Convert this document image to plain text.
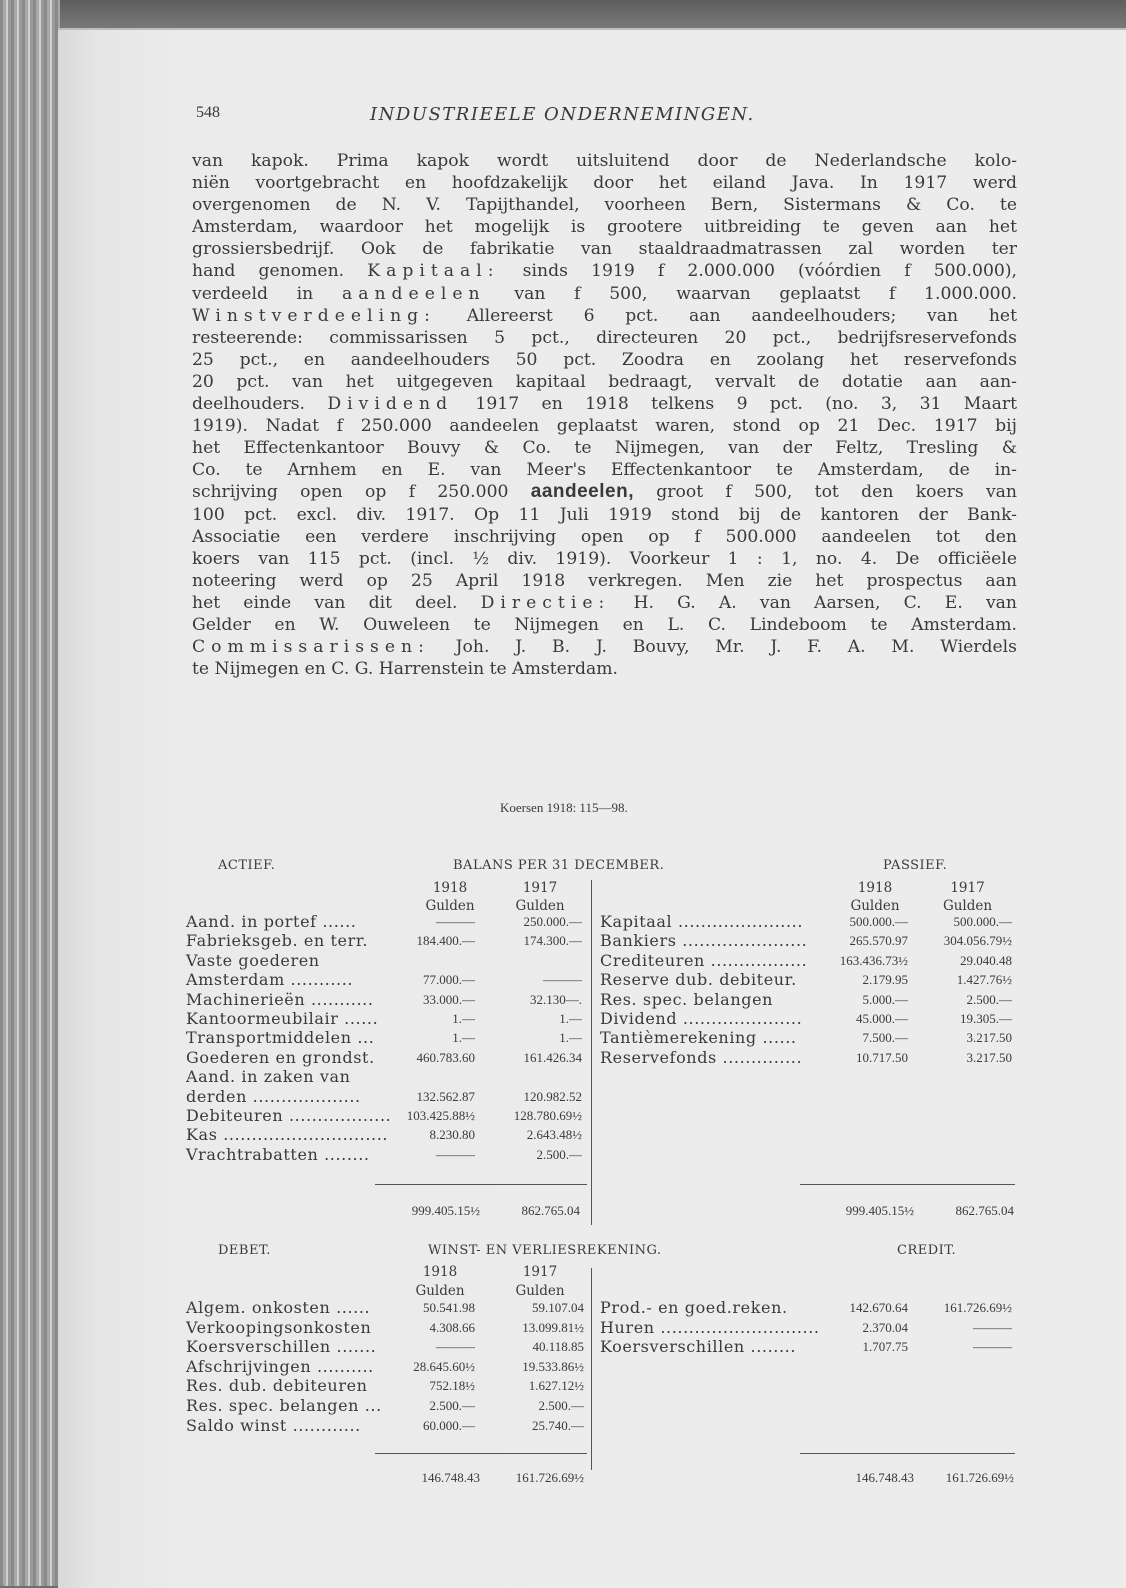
548	INDUSTRIEELE ONDERNEMINGEN.
van kapok. Prima kapok wordt uitsluitend door de Nederlandsche kolo-
niën voortgebracht en hoofdzakelijk door het eiland Java. In 1917 werd
overgenomen de N. V. Tapijthandel, voorheen Bern, Sistermans & Co. te
Amsterdam, waardoor het mogelijk is grootere uitbreiding te geven aan het
grossiersbedrijf. Ook de fabrikatie van staaldraadmatrassen zal worden ter
hand genomen. Kapitaal: sinds 1919 f 2.000.000 (vóórdien f 500.000),
verdeeld in aandeelen van f 500, waarvan geplaatst f 1.000.000.
Winstverdeeling: Allereerst 6 pct. aan aandeelhouders; van het
resteerende: commissarissen 5 pct., directeuren 20 pct., bedrijfsreservefonds
25 pct., en aandeelhouders 50 pct. Zoodra en zoolang het reservefonds
20 pct. van het uitgegeven kapitaal bedraagt, vervalt de dotatie aan aan-
deelhouders. Dividend 1917 en 1918 telkens 9 pct. (no. 3, 31 Maart
1919). Nadat f 250.000 aandeelen geplaatst waren, stond op 21 Dec. 1917 bij
het Effectenkantoor Bouvy & Co. te Nijmegen, van der Feltz, Tresling &
Co. te Arnhem en E. van Meer's Effectenkantoor te Amsterdam, de in-
schrijving open op f 250.000 aandeelen, groot f 500, tot den koers van
100 pct. excl. div. 1917. Op 11 Juli 1919 stond bij de kantoren der Bank-
Associatie een verdere inschrijving open op f 500.000 aandeelen tot den
koers van 115 pct. (incl. ½ div. 1919). Voorkeur 1 : 1, no. 4. De officiëele
noteering werd op 25 April 1918 verkregen. Men zie het prospectus aan
het einde van dit deel. Directie: H. G. A. van Aarsen, C. E. van
Gelder en W. Ouweleen te Nijmegen en L. C. Lindeboom te Amsterdam.
Commissarissen: Joh. J. B. J. Bouvy, Mr. J. F. A. M. Wierdels
te Nijmegen en C. G. Harrenstein te Amsterdam.
Koersen 1918: 115—98.
ACTIEF.	BALANS PER 31 DECEMBER.	PASSIEF.
1918	1917
Gulden	Gulden
1918	1917
Gulden	Gulden
Aand. in portef ......	———	250.000.—
Fabrieksgeb. en terr.	184.400.—	174.300.—
Vaste goederen
Amsterdam ...........	77.000.—	———
Machinerieën ...........	33.000.—	32.130—.
Kantoormeubilair ......	1.—	1.—
Transportmiddelen ...	1.—	1.—
Goederen en grondst.	460.783.60	161.426.34
Aand. in zaken van
derden ...................	132.562.87	120.982.52
Debiteuren ..................	103.425.88½	128.780.69½
Kas .............................	8.230.80	2.643.48½
Vrachtrabatten ........	———	2.500.—
Kapitaal ......................	500.000.—	500.000.—
Bankiers ......................	265.570.97	304.056.79½
Crediteuren .................	163.436.73½	29.040.48
Reserve dub. debiteur.	2.179.95	1.427.76½
Res. spec. belangen	5.000.—	2.500.—
Dividend .....................	45.000.—	19.305.—
Tantièmerekening ......	7.500.—	3.217.50
Reservefonds ..............	10.717.50	3.217.50
999.405.15½	862.765.04	999.405.15½	862.765.04
DEBET.	WINST- EN VERLIESREKENING.	CREDIT.
1918	1917
Gulden	Gulden
Algem. onkosten ......	50.541.98	59.107.04
Verkoopingsonkosten	4.308.66	13.099.81½
Koersverschillen .......	———	40.118.85
Afschrijvingen ..........	28.645.60½	19.533.86½
Res. dub. debiteuren	752.18½	1.627.12½
Res. spec. belangen ...	2.500.—	2.500.—
Saldo winst ............	60.000.—	25.740.—
Prod.- en goed.reken.	142.670.64	161.726.69½
Huren ............................	2.370.04	———
Koersverschillen ........	1.707.75	———
146.748.43	161.726.69½	146.748.43	161.726.69½
